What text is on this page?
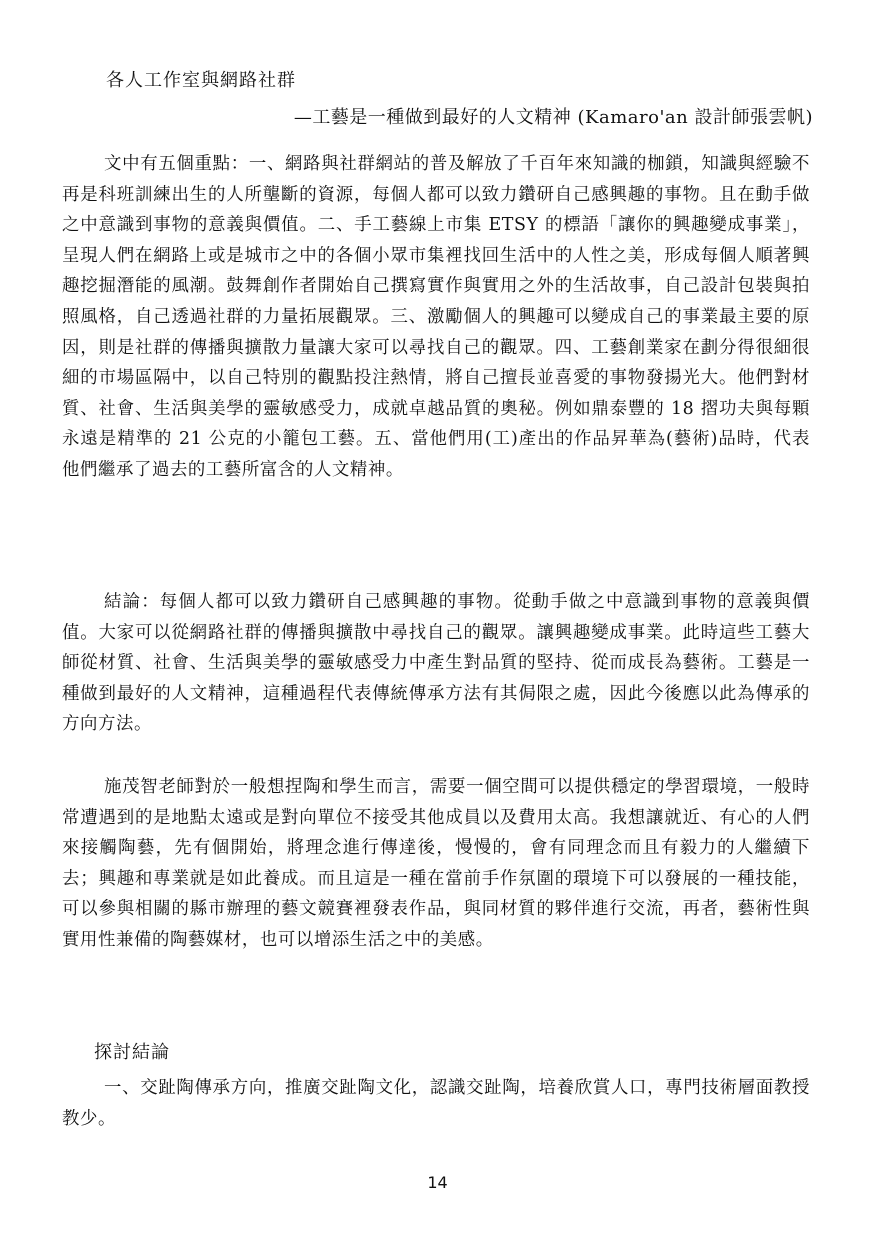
各人工作室與網路社群
—工藝是一種做到最好的人文精神 (Kamaro'an 設計師張雲帆)

文中有五個重點：一、網路與社群網站的普及解放了千百年來知識的枷鎖，知識與經驗不再是科班訓練出生的人所壟斷的資源，每個人都可以致力鑽研自己感興趣的事物。且在動手做之中意識到事物的意義與價值。二、手工藝線上市集 ETSY 的標語「讓你的興趣變成事業」，呈現人們在網路上或是城市之中的各個小眾市集裡找回生活中的人性之美，形成每個人順著興趣挖掘潛能的風潮。鼓舞創作者開始自己撰寫實作與實用之外的生活故事，自己設計包裝與拍照風格，自己透過社群的力量拓展觀眾。三、激勵個人的興趣可以變成自己的事業最主要的原因，則是社群的傳播與擴散力量讓大家可以尋找自己的觀眾。四、工藝創業家在劃分得很細很細的市場區隔中，以自己特別的觀點投注熱情，將自己擅長並喜愛的事物發揚光大。他們對材質、社會、生活與美學的靈敏感受力，成就卓越品質的奧秘。例如鼎泰豐的 18 摺功夫與每顆永遠是精準的 21 公克的小籠包工藝。五、當他們用(工)產出的作品昇華為(藝術)品時，代表他們繼承了過去的工藝所富含的人文精神。

結論：每個人都可以致力鑽研自己感興趣的事物。從動手做之中意識到事物的意義與價值。大家可以從網路社群的傳播與擴散中尋找自己的觀眾。讓興趣變成事業。此時這些工藝大師從材質、社會、生活與美學的靈敏感受力中產生對品質的堅持、從而成長為藝術。工藝是一種做到最好的人文精神，這種過程代表傳統傳承方法有其侷限之處，因此今後應以此為傳承的方向方法。

施茂智老師對於一般想捏陶和學生而言，需要一個空間可以提供穩定的學習環境，一般時常遭遇到的是地點太遠或是對向單位不接受其他成員以及費用太高。我想讓就近、有心的人們來接觸陶藝，先有個開始，將理念進行傳達後，慢慢的，會有同理念而且有毅力的人繼續下去；興趣和專業就是如此養成。而且這是一種在當前手作氛圍的環境下可以發展的一種技能，可以參與相關的縣市辦理的藝文競賽裡發表作品，與同材質的夥伴進行交流，再者，藝術性與實用性兼備的陶藝媒材，也可以增添生活之中的美感。

探討結論

一、交趾陶傳承方向，推廣交趾陶文化，認識交趾陶，培養欣賞人口，專門技術層面教授教少。

14
